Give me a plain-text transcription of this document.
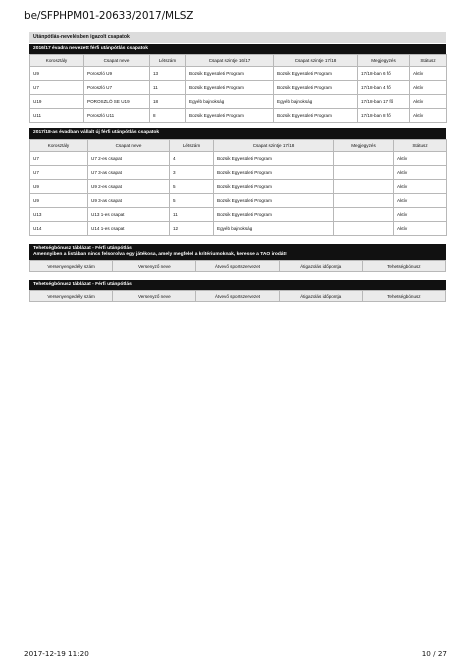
be/SFPHPM01-20633/2017/MLSZ
Utánpótlás-nevelésben igazolt csapatok
2016/17 évadra nevezett férfi utánpótlás csapatok
Korosztály	Csapat neve	Létszám	Csapat szintje 16/17	Csapat szintje 17/18	Megjegyzés	Státusz
U9	Poroszló U9	13	Bozsik Egyesületi Program	Bozsik Egyesületi Program	17/18-ban 6 fő	Aktív
U7	Poroszló U7	11	Bozsik Egyesületi Program	Bozsik Egyesületi Program	17/18-ban 4 fő	Aktív
U19	POROSZLÓ SE U19	18	Egyéb bajnokság	Egyéb bajnokság	17/18-ban 17 fő	Aktív
U11	Poroszló U11	8	Bozsik Egyesületi Program	Bozsik Egyesületi Program	17/18-ban 8 fő	Aktív
2017/18-as évadban vállalt új férfi utánpótlás csapatok
Korosztály	Csapat neve	Létszám	Csapat szintje 17/18	Megjegyzés	Státusz
U7	U7 2-es csapat	4	Bozsik Egyesületi Program		Aktív
U7	U7 3-as csapat	3	Bozsik Egyesületi Program		Aktív
U9	U9 2-es csapat	5	Bozsik Egyesületi Program		Aktív
U9	U9 3-as csapat	5	Bozsik Egyesületi Program		Aktív
U13	U13 1-es csapat	11	Bozsik Egyesületi Program		Aktív
U14	U14 1-es csapat	12	Egyéb bajnokság		Aktív
Tehetségbónusz táblázat - Férfi utánpótlás
Amennyiben a listában nincs felsorolva egy játékosa, amely megfelel a kritériumoknak, keresse a TAO irodát!
Versenyengedély szám	Versenyző neve	Átvevő sportszervezet	Átigazolás időpontja	Tehetségbónusz
Tehetségbónusz táblázat - Férfi utánpótlás
Versenyengedély szám	Versenyző neve	Átvevő sportszervezet	Átigazolás időpontja	Tehetségbónusz
2017-12-19 11:20	10 / 27
